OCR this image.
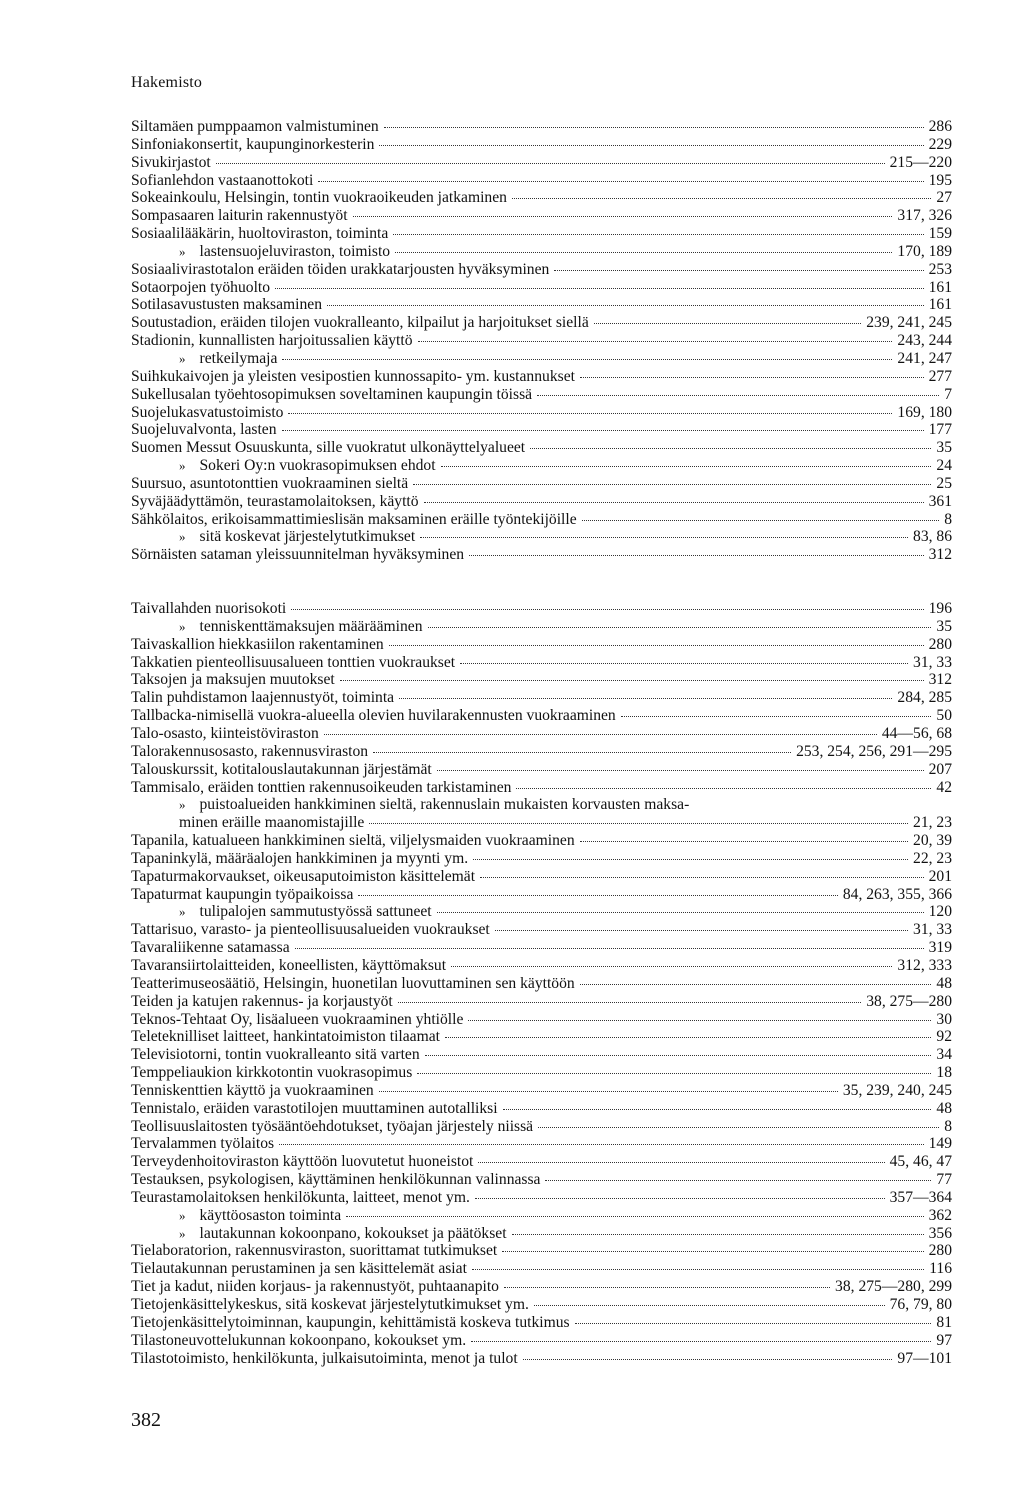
Hakemisto
Siltamäen pumppaamon valmistuminen	286
Sinfoniakonsertit, kaupunginorkesterin	229
Sivukirjastot	215—220
Sofianlehdon vastaanottokoti	195
Sokeainkoulu, Helsingin, tontin vuokraoikeuden jatkaminen	27
Sompasaaren laiturin rakennustyöt	317, 326
Sosiaalilääkärin, huoltoviraston, toiminta	159
» lastensuojeluviraston, toimisto	170, 189
Sosiaalivirastotalon eräiden töiden urakkatarjousten hyväksyminen	253
Sotaorpojen työhuolto	161
Sotilasavustusten maksaminen	161
Soutustadion, eräiden tilojen vuokralleanto, kilpailut ja harjoitukset siellä	239, 241, 245
Stadionin, kunnallisten harjoitussalien käyttö	243, 244
» retkeilymaja	241, 247
Suihkukaivojen ja yleisten vesipostien kunnossapito- ym. kustannukset	277
Sukellusalan työehtosopimuksen soveltaminen kaupungin töissä	7
Suojelukasvatustoimisto	169, 180
Suojeluvalvonta, lasten	177
Suomen Messut Osuuskunta, sille vuokratut ulkonäyttelyalueet	35
» Sokeri Oy:n vuokrasopimuksen ehdot	24
Suursuo, asuntotonttien vuokraaminen sieltä	25
Syväjäädyttämön, teurastamolaitoksen, käyttö	361
Sähkölaitos, erikoisammattimieslisän maksaminen eräille työntekijöille	8
» sitä koskevat järjestelytutkimukset	83, 86
Sörnäisten sataman yleissuunnitelman hyväksyminen	312
Taivallahden nuorisokoti	196
» tenniskenttämaksujen määrääminen	35
Taivaskallion hiekkasiilon rakentaminen	280
Takkatien pienteollisuusalueen tonttien vuokraukset	31, 33
Taksojen ja maksujen muutokset	312
Talin puhdistamon laajennustyöt, toiminta	284, 285
Tallbacka-nimisellä vuokra-alueella olevien huvilarakennusten vuokraaminen	50
Talo-osasto, kiinteistöviraston	44—56, 68
Talorakennusosasto, rakennusviraston	253, 254, 256, 291—295
Talouskurssit, kotitalouslautakunnan järjestämät	207
Tammisalo, eräiden tonttien rakennusoikeuden tarkistaminen	42
» puistoalueiden hankkiminen sieltä, rakennuslain mukaisten korvausten maksa-
minen eräille maanomistajille	21, 23
Tapanila, katualueen hankkiminen sieltä, viljelysmaiden vuokraaminen	20, 39
Tapaninkylä, määräalojen hankkiminen ja myynti ym.	22, 23
Tapaturmakorvaukset, oikeusaputoimiston käsittelemät	201
Tapaturmat kaupungin työpaikoissa	84, 263, 355, 366
» tulipalojen sammutustyössä sattuneet	120
Tattarisuo, varasto- ja pienteollisuusalueiden vuokraukset	31, 33
Tavaraliikenne satamassa	319
Tavaransiirtolaitteiden, koneellisten, käyttömaksut	312, 333
Teatterimuseosäätiö, Helsingin, huonetilan luovuttaminen sen käyttöön	48
Teiden ja katujen rakennus- ja korjaustyöt	38, 275—280
Teknos-Tehtaat Oy, lisäalueen vuokraaminen yhtiölle	30
Teleteknilliset laitteet, hankintatoimiston tilaamat	92
Televisiotorni, tontin vuokralleanto sitä varten	34
Temppeliaukion kirkkotontin vuokrasopimus	18
Tenniskenttien käyttö ja vuokraaminen	35, 239, 240, 245
Tennistalo, eräiden varastotilojen muuttaminen autotalliksi	48
Teollisuuslaitosten työsääntöehdotukset, työajan järjestely niissä	8
Tervalammen työlaitos	149
Terveydenhoitoviraston käyttöön luovutetut huoneistot	45, 46, 47
Testauksen, psykologisen, käyttäminen henkilökunnan valinnassa	77
Teurastamolaitoksen henkilökunta, laitteet, menot ym.	357—364
» käyttöosaston toiminta	362
» lautakunnan kokoonpano, kokoukset ja päätökset	356
Tielaboratorion, rakennusviraston, suorittamat tutkimukset	280
Tielautakunnan perustaminen ja sen käsittelemät asiat	116
Tiet ja kadut, niiden korjaus- ja rakennustyöt, puhtaanapito	38, 275—280, 299
Tietojenkäsittelykeskus, sitä koskevat järjestelytutkimukset ym.	76, 79, 80
Tietojenkäsittelytoiminnan, kaupungin, kehittämistä koskeva tutkimus	81
Tilastoneuvottelukunnan kokoonpano, kokoukset ym.	97
Tilastotoimisto, henkilökunta, julkaisutoiminta, menot ja tulot	97—101
382
